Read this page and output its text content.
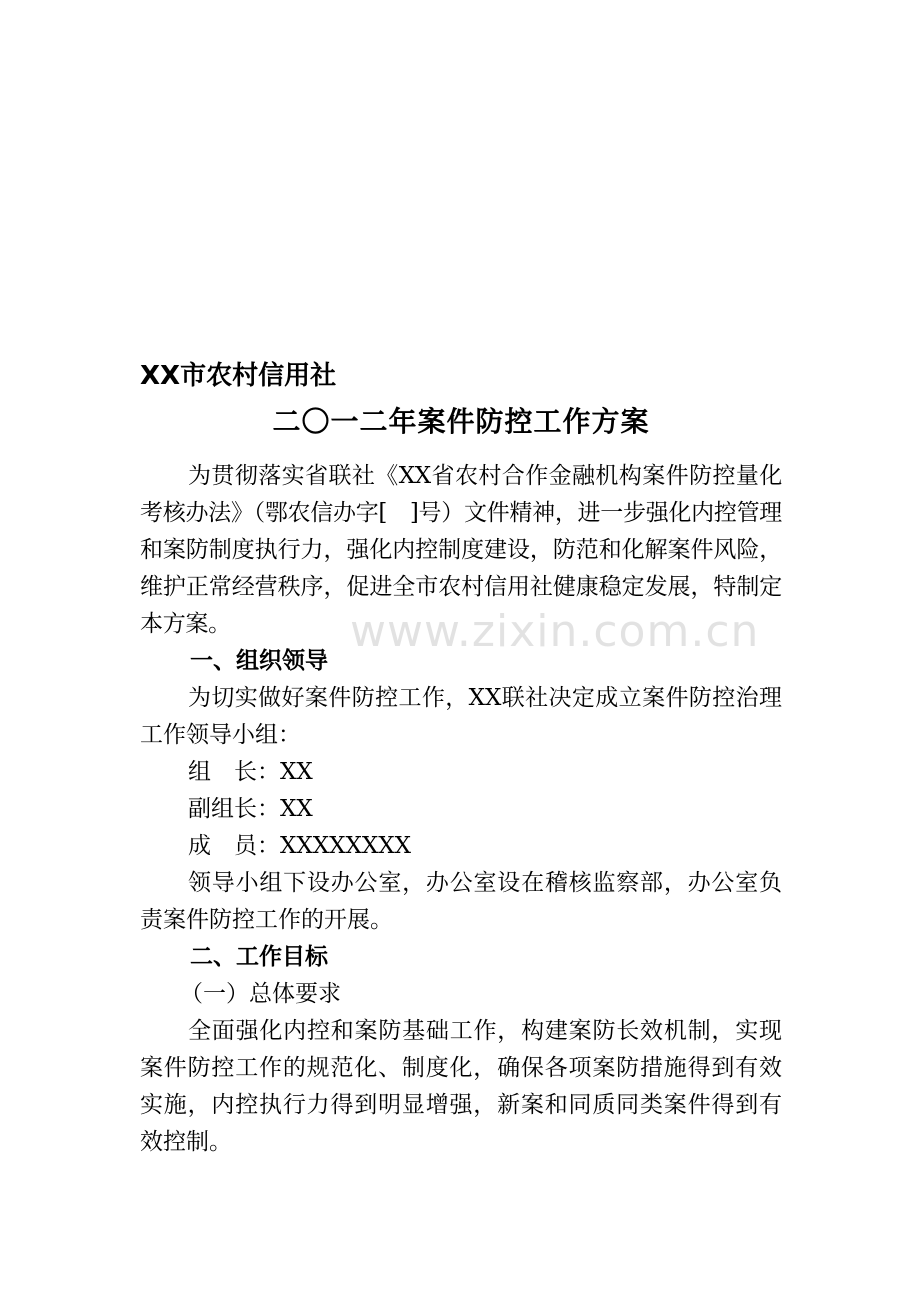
XX市农村信用社
二〇一二年案件防控工作方案

为贯彻落实省联社《XX省农村合作金融机构案件防控量化考核办法》（鄂农信办字[　]号）文件精神，进一步强化内控管理和案防制度执行力，强化内控制度建设，防范和化解案件风险，维护正常经营秩序，促进全市农村信用社健康稳定发展，特制定本方案。

一、组织领导

为切实做好案件防控工作，XX联社决定成立案件防控治理工作领导小组：

组　长：XX

副组长：XX

成　员：XXXXXXXX

领导小组下设办公室，办公室设在稽核监察部，办公室负责案件防控工作的开展。

二、工作目标

（一）总体要求

全面强化内控和案防基础工作，构建案防长效机制，实现案件防控工作的规范化、制度化，确保各项案防措施得到有效实施，内控执行力得到明显增强，新案和同质同类案件得到有效控制。

www.zixin.com.cn
